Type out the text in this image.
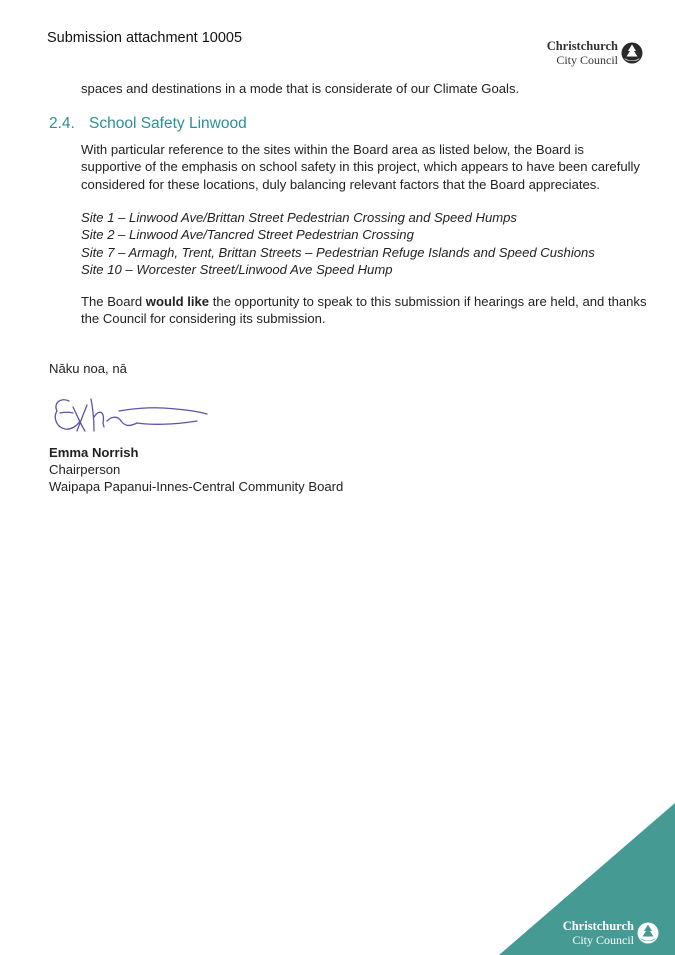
Submission attachment 10005	Christchurch
City Council
spaces and destinations in a mode that is considerate of our Climate Goals.
2.4. School Safety Linwood
With particular reference to the sites within the Board area as listed below, the Board is supportive of the emphasis on school safety in this project, which appears to have been carefully considered for these locations, duly balancing relevant factors that the Board appreciates.
Site 1 – Linwood Ave/Brittan Street Pedestrian Crossing and Speed Humps
Site 2 – Linwood Ave/Tancred Street Pedestrian Crossing
Site 7 – Armagh, Trent, Brittan Streets – Pedestrian Refuge Islands and Speed Cushions
Site 10 – Worcester Street/Linwood Ave Speed Hump
The Board would like the opportunity to speak to this submission if hearings are held, and thanks the Council for considering its submission.
Nāku noa, nā
Emma Norrish
Chairperson
Waipapa Papanui-Innes-Central Community Board
Christchurch
City Council
